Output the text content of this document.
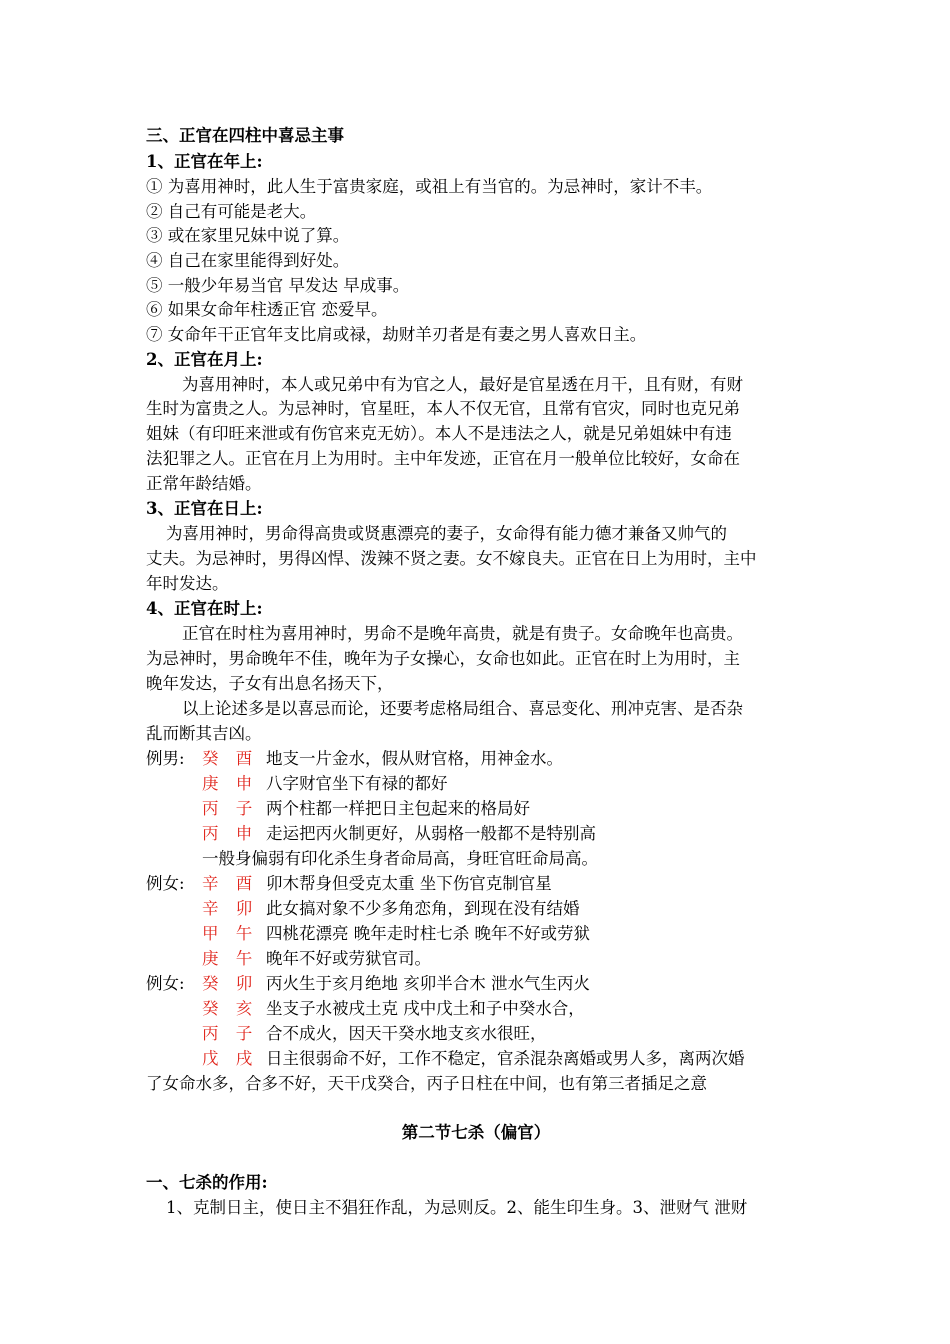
三、正官在四柱中喜忌主事
1、正官在年上:
① 为喜用神时，此人生于富贵家庭，或祖上有当官的。为忌神时，家计不丰。
② 自己有可能是老大。
③ 或在家里兄妹中说了算。
④ 自己在家里能得到好处。
⑤ 一般少年易当官 早发达 早成事。
⑥ 如果女命年柱透正官 恋爱早。
⑦ 女命年干正官年支比肩或禄，劫财羊刃者是有妻之男人喜欢日主。
2、正官在月上:
为喜用神时，本人或兄弟中有为官之人，最好是官星透在月干，且有财，有财
生时为富贵之人。为忌神时，官星旺，本人不仅无官，且常有官灾，同时也克兄弟
姐妹（有印旺来泄或有伤官来克无妨）。本人不是违法之人，就是兄弟姐妹中有违
法犯罪之人。正官在月上为用时。主中年发迹，正官在月一般单位比较好，女命在
正常年龄结婚。
3、正官在日上:
为喜用神时，男命得高贵或贤惠漂亮的妻子，女命得有能力德才兼备又帅气的
丈夫。为忌神时，男得凶悍、泼辣不贤之妻。女不嫁良夫。正官在日上为用时，主中
年时发达。
4、正官在时上:
正官在时柱为喜用神时，男命不是晚年高贵，就是有贵子。女命晚年也高贵。
为忌神时，男命晚年不佳，晚年为子女操心，女命也如此。正官在时上为用时，主
晚年发达，子女有出息名扬天下，
以上论述多是以喜忌而论，还要考虑格局组合、喜忌变化、刑冲克害、是否杂
乱而断其吉凶。
例男: 癸 酉 地支一片金水，假从财官格，用神金水。
庚 申 八字财官坐下有禄的都好
丙 子 两个柱都一样把日主包起来的格局好
丙 申 走运把丙火制更好，从弱格一般都不是特别高
一般身偏弱有印化杀生身者命局高，身旺官旺命局高。
例女: 辛 酉 卯木帮身但受克太重 坐下伤官克制官星
辛 卯 此女搞对象不少多角恋角，到现在没有结婚
甲 午 四桃花漂亮 晚年走时柱七杀 晚年不好或劳狱
庚 午 晚年不好或劳狱官司。
例女: 癸 卯 丙火生于亥月绝地 亥卯半合木 泄水气生丙火
癸 亥 坐支子水被戌土克 戌中戊土和子中癸水合，
丙 子 合不成火，因天干癸水地支亥水很旺，
戊 戌 日主很弱命不好，工作不稳定，官杀混杂离婚或男人多，离两次婚
了女命水多，合多不好，天干戊癸合，丙子日柱在中间，也有第三者插足之意
第二节七杀（偏官）
一、七杀的作用:
1、克制日主，使日主不猖狂作乱，为忌则反。2、能生印生身。3、泄财气 泄财
